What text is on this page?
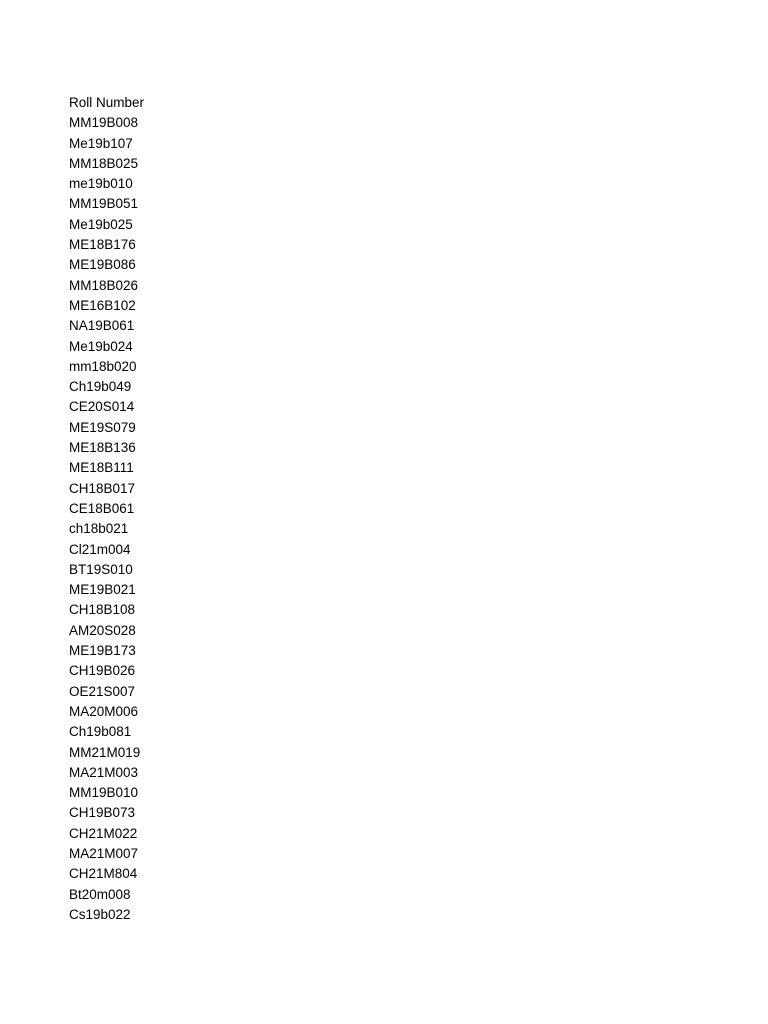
Roll Number
MM19B008
Me19b107
MM18B025
me19b010
MM19B051
Me19b025
ME18B176
ME19B086
MM18B026
ME16B102
NA19B061
Me19b024
mm18b020
Ch19b049
CE20S014
ME19S079
ME18B136
ME18B111
CH18B017
CE18B061
ch18b021
Cl21m004
BT19S010
ME19B021
CH18B108
AM20S028
ME19B173
CH19B026
OE21S007
MA20M006
Ch19b081
MM21M019
MA21M003
MM19B010
CH19B073
CH21M022
MA21M007
CH21M804
Bt20m008
Cs19b022
